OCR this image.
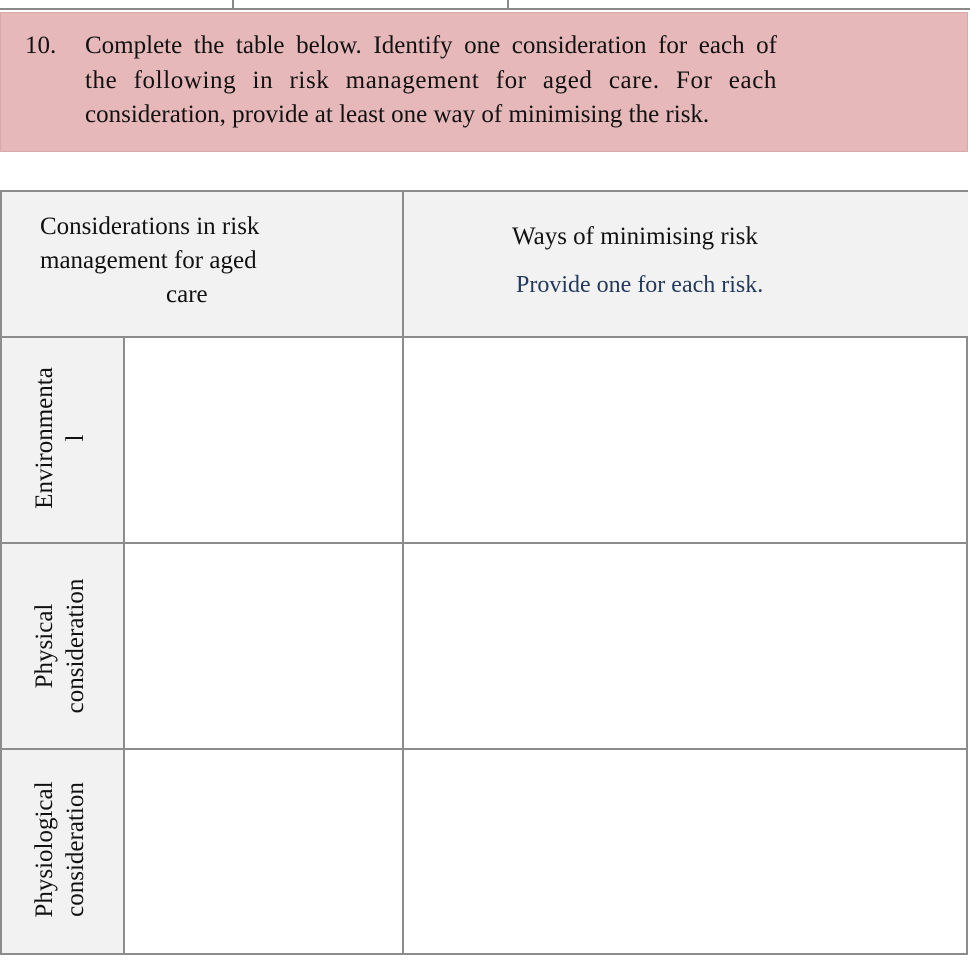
10. Complete the table below. Identify one consideration for each of
the following in risk management for aged care. For each
consideration, provide at least one way of minimising the risk.
Considerations in risk
management for aged
care
Ways of minimising risk
Provide one for each risk.
Environmenta l
Physical consideration
Physiological consideration
